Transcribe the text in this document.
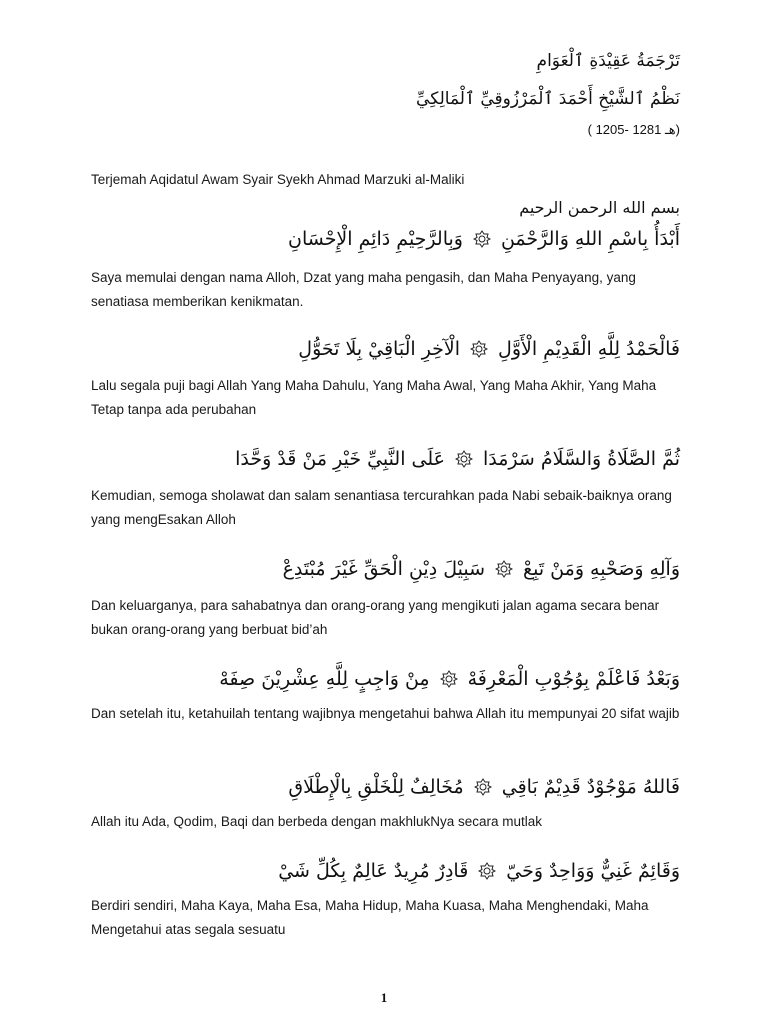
تَرْجَمَةُ عَقِيْدَةِ ٱلْعَوَامِ
نَظْمُ ٱلشَّيْخِ أَحْمَدَ ٱلْمَرْزُوقِيِّ ٱلْمَالِكِيِّ
( 1205- 1281 هـ)
Terjemah Aqidatul Awam Syair Syekh Ahmad Marzuki al-Maliki
بسم الله الرحمن الرحيم
أَبْدَأُ بِاسْمِ اللهِ وَالرَّحْمَنِ
وَبِالرَّحِيْمِ دَائِمِ الْإِحْسَانِ
Saya memulai dengan nama Alloh, Dzat yang maha pengasih, dan Maha Penyayang, yang senatiasa memberikan kenikmatan.
فَالْحَمْدُ لِلَّهِ الْقَدِيْمِ الْأَوَّلِ
الْآخِرِ الْبَاقِيْ بِلَا تَحَوُّلِ
Lalu segala puji bagi Allah Yang Maha Dahulu, Yang Maha Awal, Yang Maha Akhir, Yang Maha Tetap tanpa ada perubahan
ثُمَّ الصَّلَاةُ وَالسَّلَامُ سَرْمَدَا
عَلَى النَّبِيِّ خَيْرِ مَنْ قَدْ وَحَّدَا
Kemudian, semoga sholawat dan salam senantiasa tercurahkan pada Nabi sebaik-baiknya orang yang mengEsakan Alloh
وَآلِهِ وَصَحْبِهِ وَمَنْ تَبِعْ
سَبِيْلَ دِيْنِ الْحَقِّ غَيْرَ مُبْتَدِعْ
Dan keluarganya, para sahabatnya dan orang-orang yang mengikuti jalan agama secara benar bukan orang-orang yang berbuat bid’ah
وَبَعْدُ فَاعْلَمْ بِوُجُوْبِ الْمَعْرِفَهْ
مِنْ وَاجِبٍ لِلَّهِ عِشْرِيْنَ صِفَهْ
Dan setelah itu, ketahuilah tentang wajibnya mengetahui bahwa Allah itu mempunyai 20 sifat wajib
فَاللهُ مَوْجُوْدٌ قَدِيْمٌ بَاقِي
مُخَالِفٌ لِلْخَلْقِ بِالْإِطْلَاقِ
Allah itu Ada, Qodim, Baqi dan berbeda dengan makhlukNya secara mutlak
وَقَائِمٌ غَنِيٌّ وَوَاحِدٌ وَحَيّ
قَادِرٌ مُرِيدٌ عَالِمٌ بِكُلِّ شَيْ
Berdiri sendiri, Maha Kaya, Maha Esa, Maha Hidup, Maha Kuasa, Maha Menghendaki, Maha Mengetahui atas segala sesuatu
1
